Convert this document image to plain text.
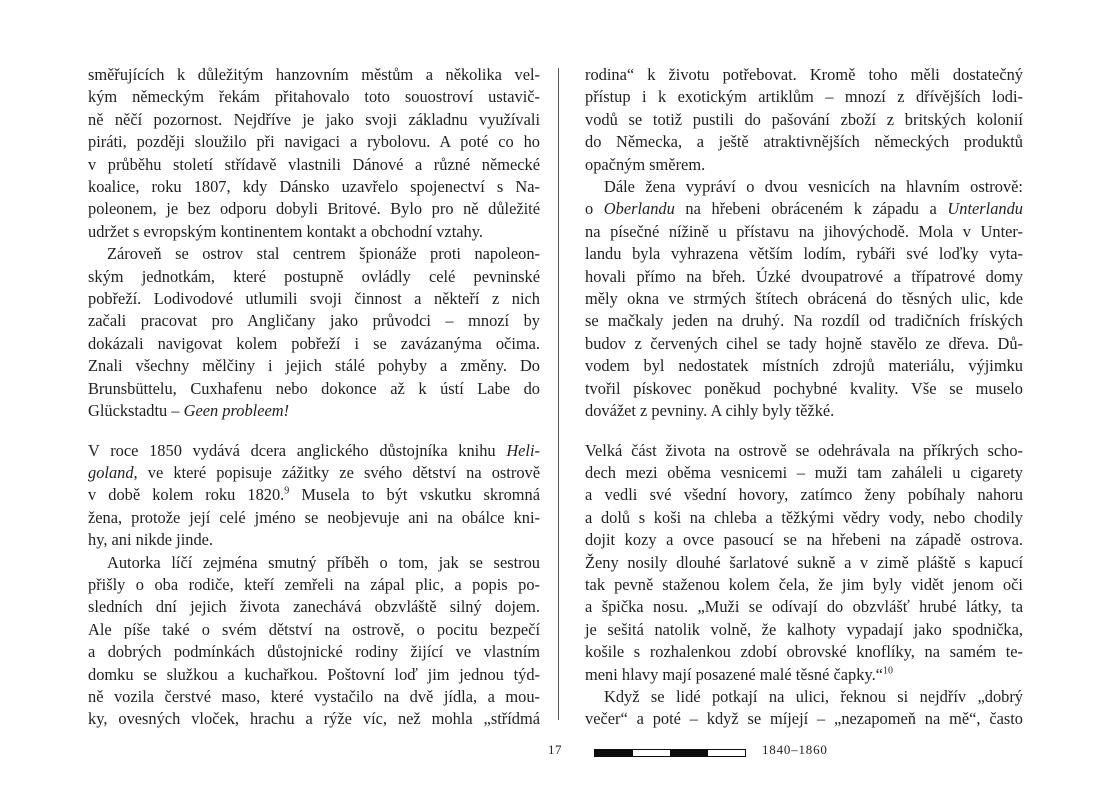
směřujících k důležitým hanzovním městům a několika vel-
kým německým řekám přitahovalo toto souostroví ustavič-
ně něčí pozornost. Nejdříve je jako svoji základnu využívali
piráti, později sloužilo při navigaci a rybolovu. A poté co ho
v průběhu století střídavě vlastnili Dánové a různé německé
koalice, roku 1807, kdy Dánsko uzavřelo spojenectví s Na-
poleonem, je bez odporu dobyli Britové. Bylo pro ně důležité
udržet s evropským kontinentem kontakt a obchodní vztahy.
Zároveň se ostrov stal centrem špionáže proti napoleon-
ským jednotkám, které postupně ovládly celé pevninské
pobřeží. Lodivodové utlumili svoji činnost a někteří z nich
začali pracovat pro Angličany jako průvodci – mnozí by
dokázali navigovat kolem pobřeží i se zavázanýma očima.
Znali všechny mělčiny i jejich stálé pohyby a změny. Do
Brunsbüttelu, Cuxhafenu nebo dokonce až k ústí Labe do
Glückstadtu – Geen probleem!
V roce 1850 vydává dcera anglického důstojníka knihu Heli-
goland, ve které popisuje zážitky ze svého dětství na ostrově
v době kolem roku 1820.$^9$ Musela to být vskutku skromná
žena, protože její celé jméno se neobjevuje ani na obálce kni-
hy, ani nikde jinde.
Autorka líčí zejména smutný příběh o tom, jak se sestrou
přišly o oba rodiče, kteří zemřeli na zápal plic, a popis po-
sledních dní jejich života zanechává obzvláště silný dojem.
Ale píše také o svém dětství na ostrově, o pocitu bezpečí
a dobrých podmínkách důstojnické rodiny žijící ve vlastním
domku se služkou a kuchařkou. Poštovní loď jim jednou týd-
ně vozila čerstvé maso, které vystačilo na dvě jídla, a mou-
ky, ovesných vloček, hrachu a rýže víc, než mohla „střídmá
rodina“ k životu potřebovat. Kromě toho měli dostatečný
přístup i k exotickým artiklům – mnozí z dřívějších lodi-
vodů se totiž pustili do pašování zboží z britských kolonií
do Německa, a ještě atraktivnějších německých produktů
opačným směrem.
Dále žena vypráví o dvou vesnicích na hlavním ostrově:
o Oberlandu na hřebeni obráceném k západu a Unterlandu
na písečné nížině u přístavu na jihovýchodě. Mola v Unter-
landu byla vyhrazena větším lodím, rybáři své loďky vyta-
hovali přímo na břeh. Úzké dvoupatrové a třípatrové domy
měly okna ve strmých štítech obrácená do těsných ulic, kde
se mačkaly jeden na druhý. Na rozdíl od tradičních fríských
budov z červených cihel se tady hojně stavělo ze dřeva. Dů-
vodem byl nedostatek místních zdrojů materiálu, výjimku
tvořil pískovec poněkud pochybné kvality. Vše se muselo
dovážet z pevniny. A cihly byly těžké.
Velká část života na ostrově se odehrávala na příkrých scho-
dech mezi oběma vesnicemi – muži tam zaháleli u cigarety
a vedli své všední hovory, zatímco ženy pobíhaly nahoru
a dolů s koši na chleba a těžkými vědry vody, nebo chodily
dojit kozy a ovce pasoucí se na hřebeni na západě ostrova.
Ženy nosily dlouhé šarlatové sukně a v zimě pláště s kapucí
tak pevně staženou kolem čela, že jim byly vidět jenom oči
a špička nosu. „Muži se odívají do obzvlášť hrubé látky, ta
je sešitá natolik volně, že kalhoty vypadají jako spodnička,
košile s rozhalenkou zdobí obrovské knoflíky, na samém te-
meni hlavy mají posazené malé těsné čapky.“$^{10}$
Když se lidé potkají na ulici, řeknou si nejdřív „dobrý
večer“ a poté – když se míjejí – „nezapomeň na mě“, často
17	1840–1860
